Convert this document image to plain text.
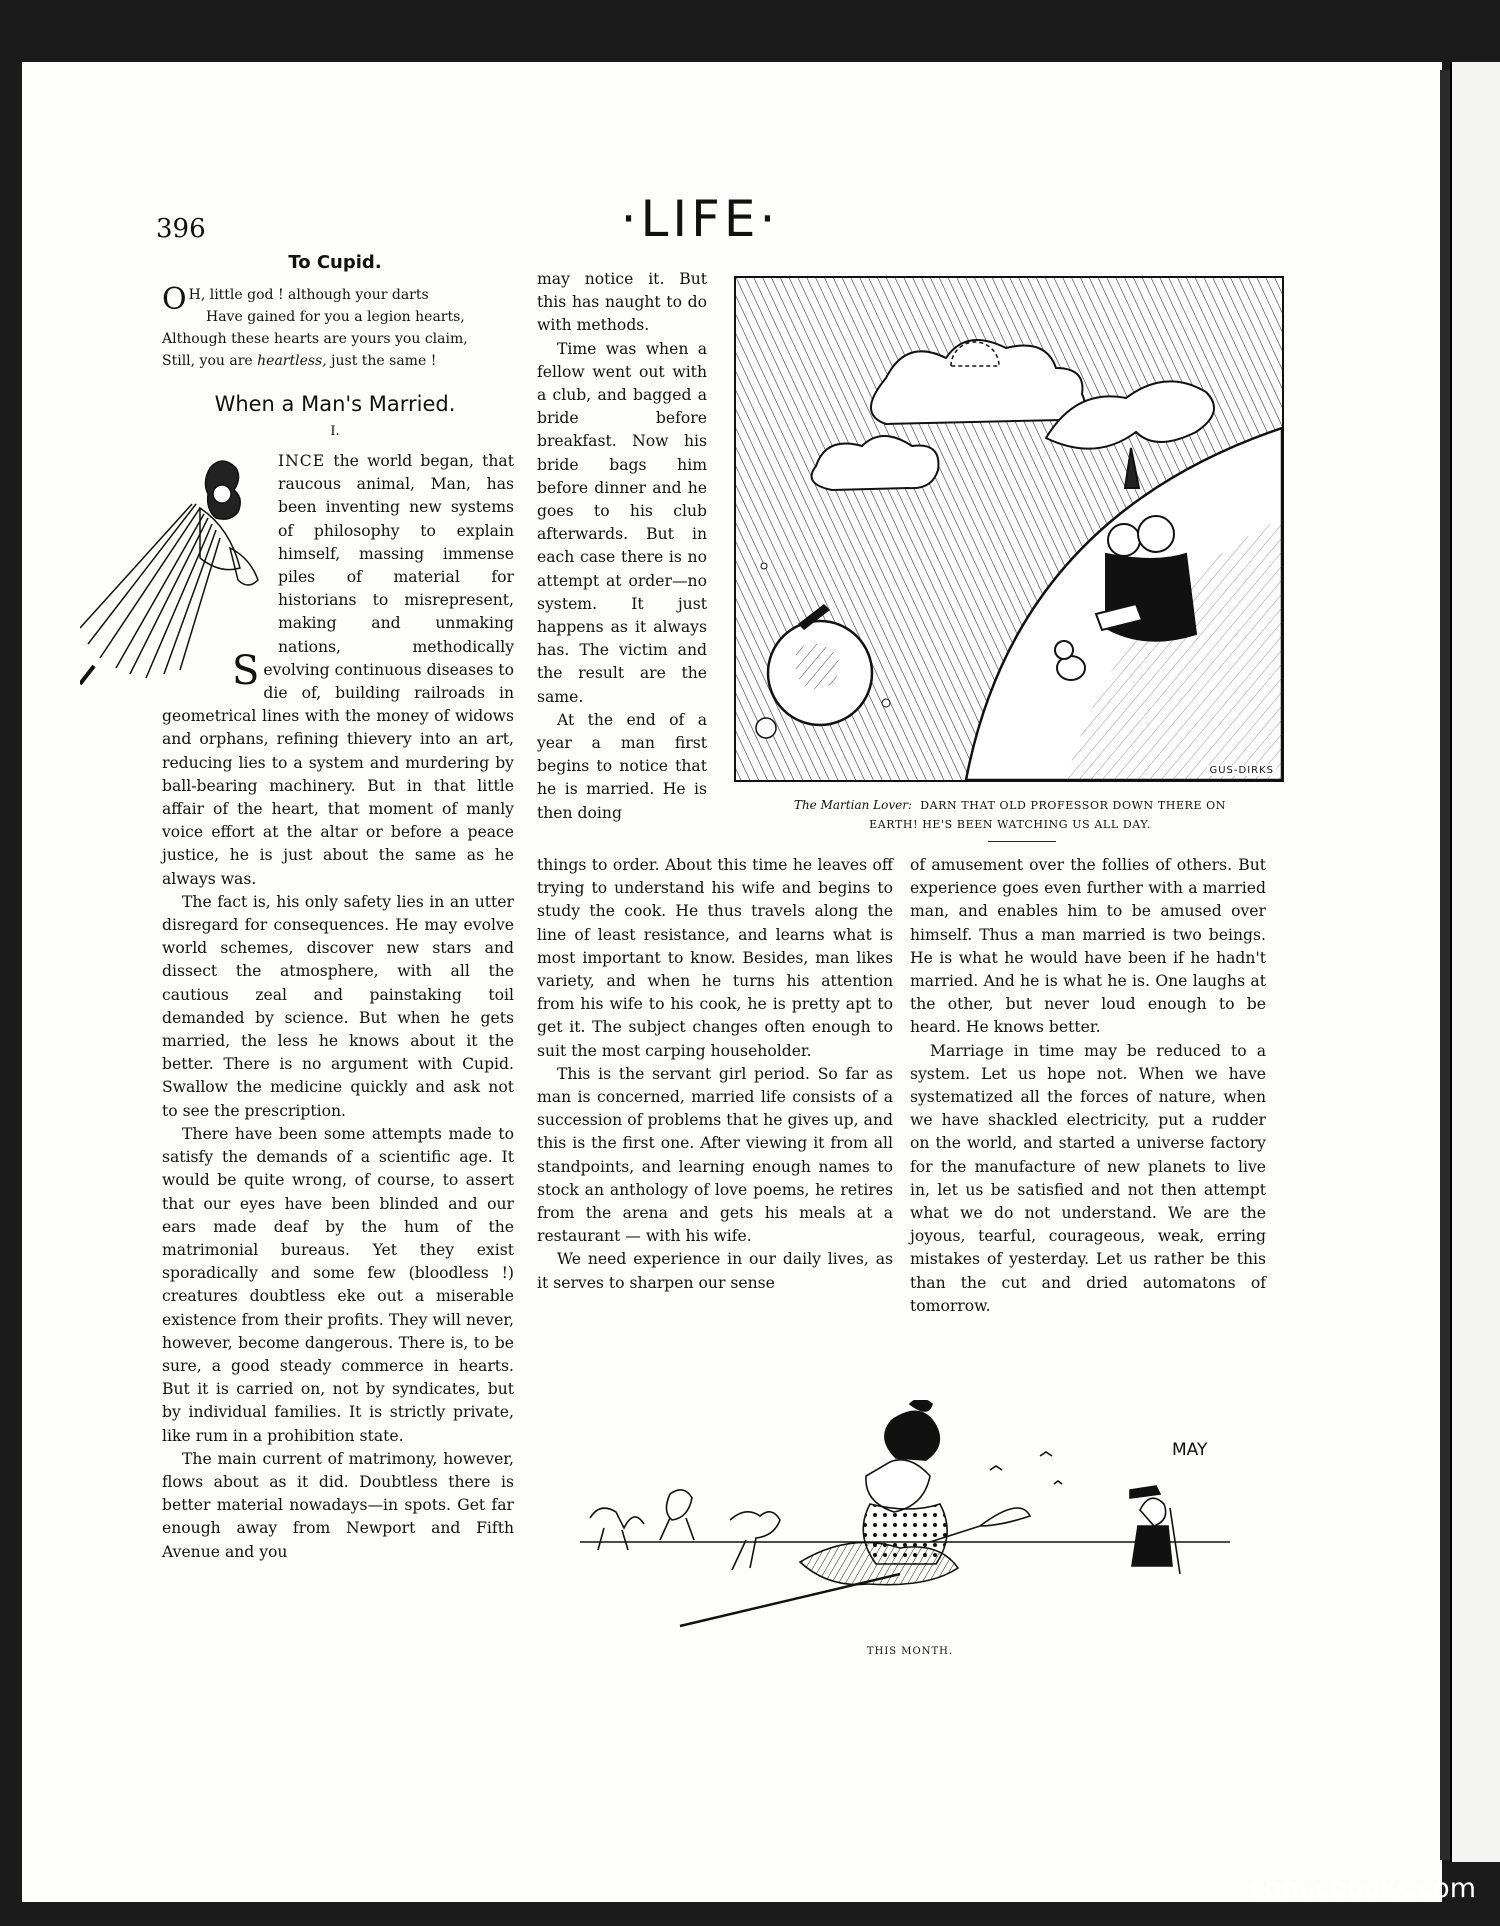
396	·LIFE·
To Cupid.
O H, little god ! although your darts
Have gained for you a legion hearts,
Although these hearts are yours you claim,
Still, you are heartless, just the same !
When a Man's Married.
I.

S
INCE the world began, that raucous animal, Man, has been inventing new systems of philosophy to explain himself, massing immense piles of material for historians to misrepresent, making and unmaking nations, methodically evolving continuous diseases to die of, building railroads in geometrical lines with the money of widows and orphans, refining thievery into an art, reducing lies to a system and murdering by ball-bearing machinery. But in that little affair of the heart, that moment of manly voice effort at the altar or before a peace justice, he is just about the same as he always was.

The fact is, his only safety lies in an utter disregard for consequences. He may evolve world schemes, discover new stars and dissect the atmosphere, with all the cautious zeal and painstaking toil demanded by science. But when he gets married, the less he knows about it the better. There is no argument with Cupid. Swallow the medicine quickly and ask not to see the prescription.

There have been some attempts made to satisfy the demands of a scientific age. It would be quite wrong, of course, to assert that our eyes have been blinded and our ears made deaf by the hum of the matrimonial bureaus. Yet they exist sporadically and some few (bloodless !) creatures doubtless eke out a miserable existence from their profits. They will never, however, become dangerous. There is, to be sure, a good steady commerce in hearts. But it is carried on, not by syndicates, but by individual families. It is strictly private, like rum in a prohibition state.

The main current of matrimony, however, flows about as it did. Doubtless there is better material nowadays—in spots. Get far enough away from Newport and Fifth Avenue and you

may notice it. But this has naught to do with methods.

Time was when a fellow went out with a club, and bagged a bride before breakfast. Now his bride bags him before dinner and he goes to his club afterwards. But in each case there is no attempt at order—no system. It just happens as it always has. The victim and the result are the same.

At the end of a year a man first begins to notice that he is married. He is then doing

things to order. About this time he leaves off trying to understand his wife and begins to study the cook. He thus travels along the line of least resistance, and learns what is most important to know. Besides, man likes variety, and when he turns his attention from his wife to his cook, he is pretty apt to get it. The subject changes often enough to suit the most carping householder.

This is the servant girl period. So far as man is concerned, married life consists of a succession of problems that he gives up, and this is the first one. After viewing it from all standpoints, and learning enough names to stock an anthology of love poems, he retires from the arena and gets his meals at a restaurant — with his wife.

We need experience in our daily lives, as it serves to sharpen our sense

of amusement over the follies of others. But experience goes even further with a married man, and enables him to be amused over himself. Thus a man married is two beings. He is what he would have been if he hadn't married. And he is what he is. One laughs at the other, but never loud enough to be heard. He knows better.

Marriage in time may be reduced to a system. Let us hope not. When we have systematized all the forces of nature, when we have shackled electricity, put a rudder on the world, and started a universe factory for the manufacture of new planets to live in, let us be satisfied and not then attempt what we do not understand. We are the joyous, tearful, courageous, weak, erring mistakes of yesterday. Let us rather be this than the cut and dried automatons of tomorrow.

GUS-DIRKS
The Martian Lover: DARN THAT OLD PROFESSOR DOWN THERE ON EARTH! HE'S BEEN WATCHING US ALL DAY.
MAY
THIS MONTH.
comicbooks.com
